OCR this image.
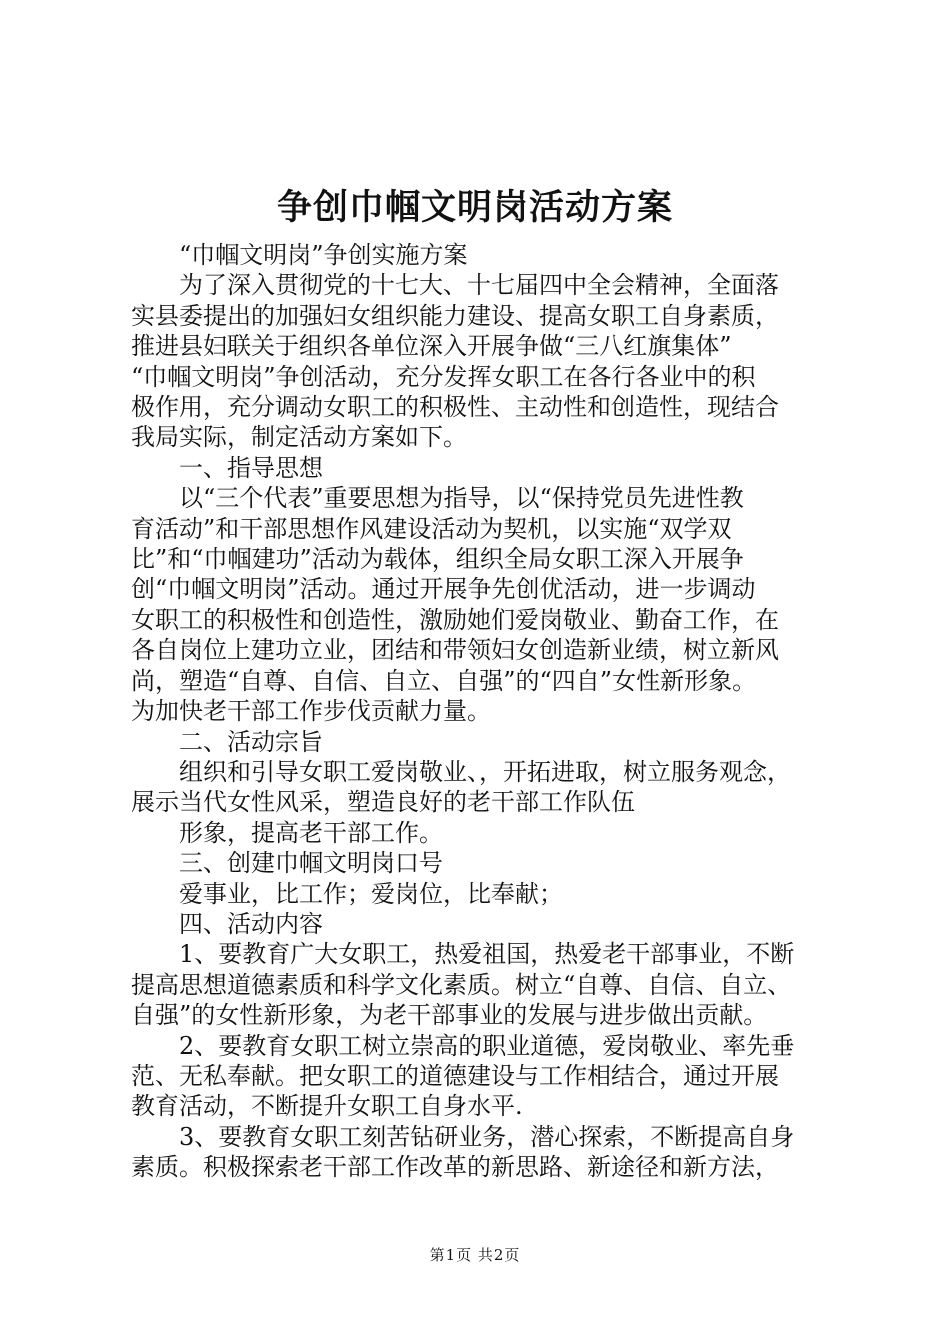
争创巾帼文明岗活动方案

“巾帼文明岗”争创实施方案

为了深入贯彻党的十七大、十七届四中全会精神，全面落

实县委提出的加强妇女组织能力建设、提高女职工自身素质，

推进县妇联关于组织各单位深入开展争做“三八红旗集体”

“巾帼文明岗”争创活动，充分发挥女职工在各行各业中的积

极作用，充分调动女职工的积极性、主动性和创造性，现结合

我局实际，制定活动方案如下。

一、指导思想

以“三个代表”重要思想为指导，以“保持党员先进性教

育活动”和干部思想作风建设活动为契机，以实施“双学双

比”和“巾帼建功”活动为载体，组织全局女职工深入开展争

创“巾帼文明岗”活动。通过开展争先创优活动，进一步调动

女职工的积极性和创造性，激励她们爱岗敬业、勤奋工作，在

各自岗位上建功立业，团结和带领妇女创造新业绩，树立新风

尚，塑造“自尊、自信、自立、自强”的“四自”女性新形象。

为加快老干部工作步伐贡献力量。

二、活动宗旨

组织和引导女职工爱岗敬业、，开拓进取，树立服务观念，

展示当代女性风采，塑造良好的老干部工作队伍

形象，提高老干部工作。

三、创建巾帼文明岗口号

爱事业，比工作；爱岗位，比奉献；

四、活动内容

1、要教育广大女职工，热爱祖国，热爱老干部事业，不断

提高思想道德素质和科学文化素质。树立“自尊、自信、自立、

自强”的女性新形象，为老干部事业的发展与进步做出贡献。

2、要教育女职工树立崇高的职业道德，爱岗敬业、率先垂

范、无私奉献。把女职工的道德建设与工作相结合，通过开展

教育活动，不断提升女职工自身水平.

3、要教育女职工刻苦钻研业务，潜心探索，不断提高自身

素质。积极探索老干部工作改革的新思路、新途径和新方法，

第1页 共2页
